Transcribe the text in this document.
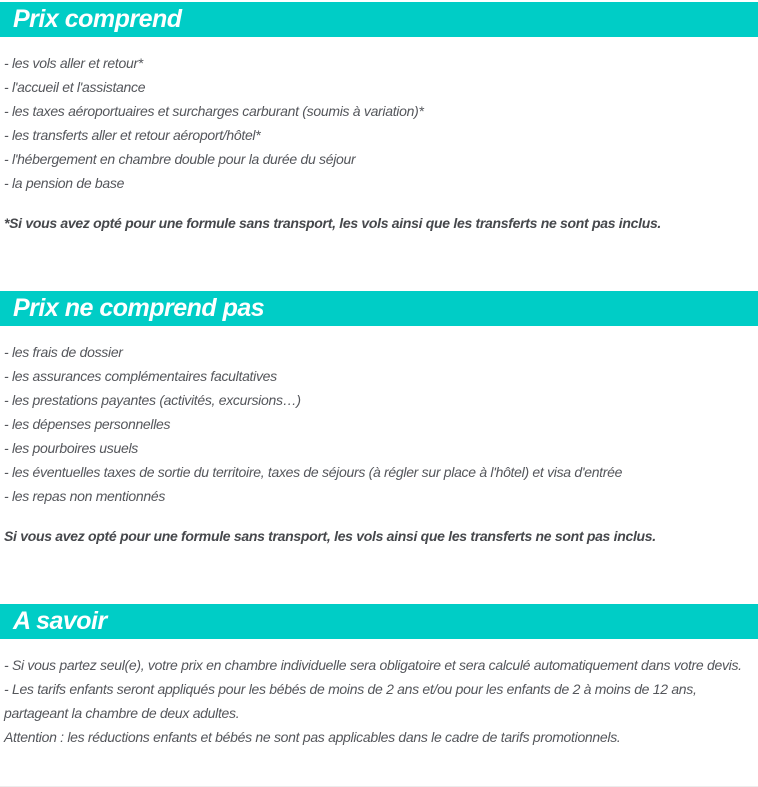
Prix comprend
- les vols aller et retour*
- l'accueil et l'assistance
- les taxes aéroportuaires et surcharges carburant (soumis à variation)*
- les transferts aller et retour aéroport/hôtel*
- l'hébergement en chambre double pour la durée du séjour
- la pension de base
*Si vous avez opté pour une formule sans transport, les vols ainsi que les transferts ne sont pas inclus.
Prix ne comprend pas
- les frais de dossier
- les assurances complémentaires facultatives
- les prestations payantes (activités, excursions…)
- les dépenses personnelles
- les pourboires usuels
- les éventuelles taxes de sortie du territoire, taxes de séjours (à régler sur place à l'hôtel) et visa d'entrée
- les repas non mentionnés
Si vous avez opté pour une formule sans transport, les vols ainsi que les transferts ne sont pas inclus.
A savoir
- Si vous partez seul(e), votre prix en chambre individuelle sera obligatoire et sera calculé automatiquement dans votre devis.
- Les tarifs enfants seront appliqués pour les bébés de moins de 2 ans et/ou pour les enfants de 2 à moins de 12 ans, partageant la chambre de deux adultes.
Attention : les réductions enfants et bébés ne sont pas applicables dans le cadre de tarifs promotionnels.
